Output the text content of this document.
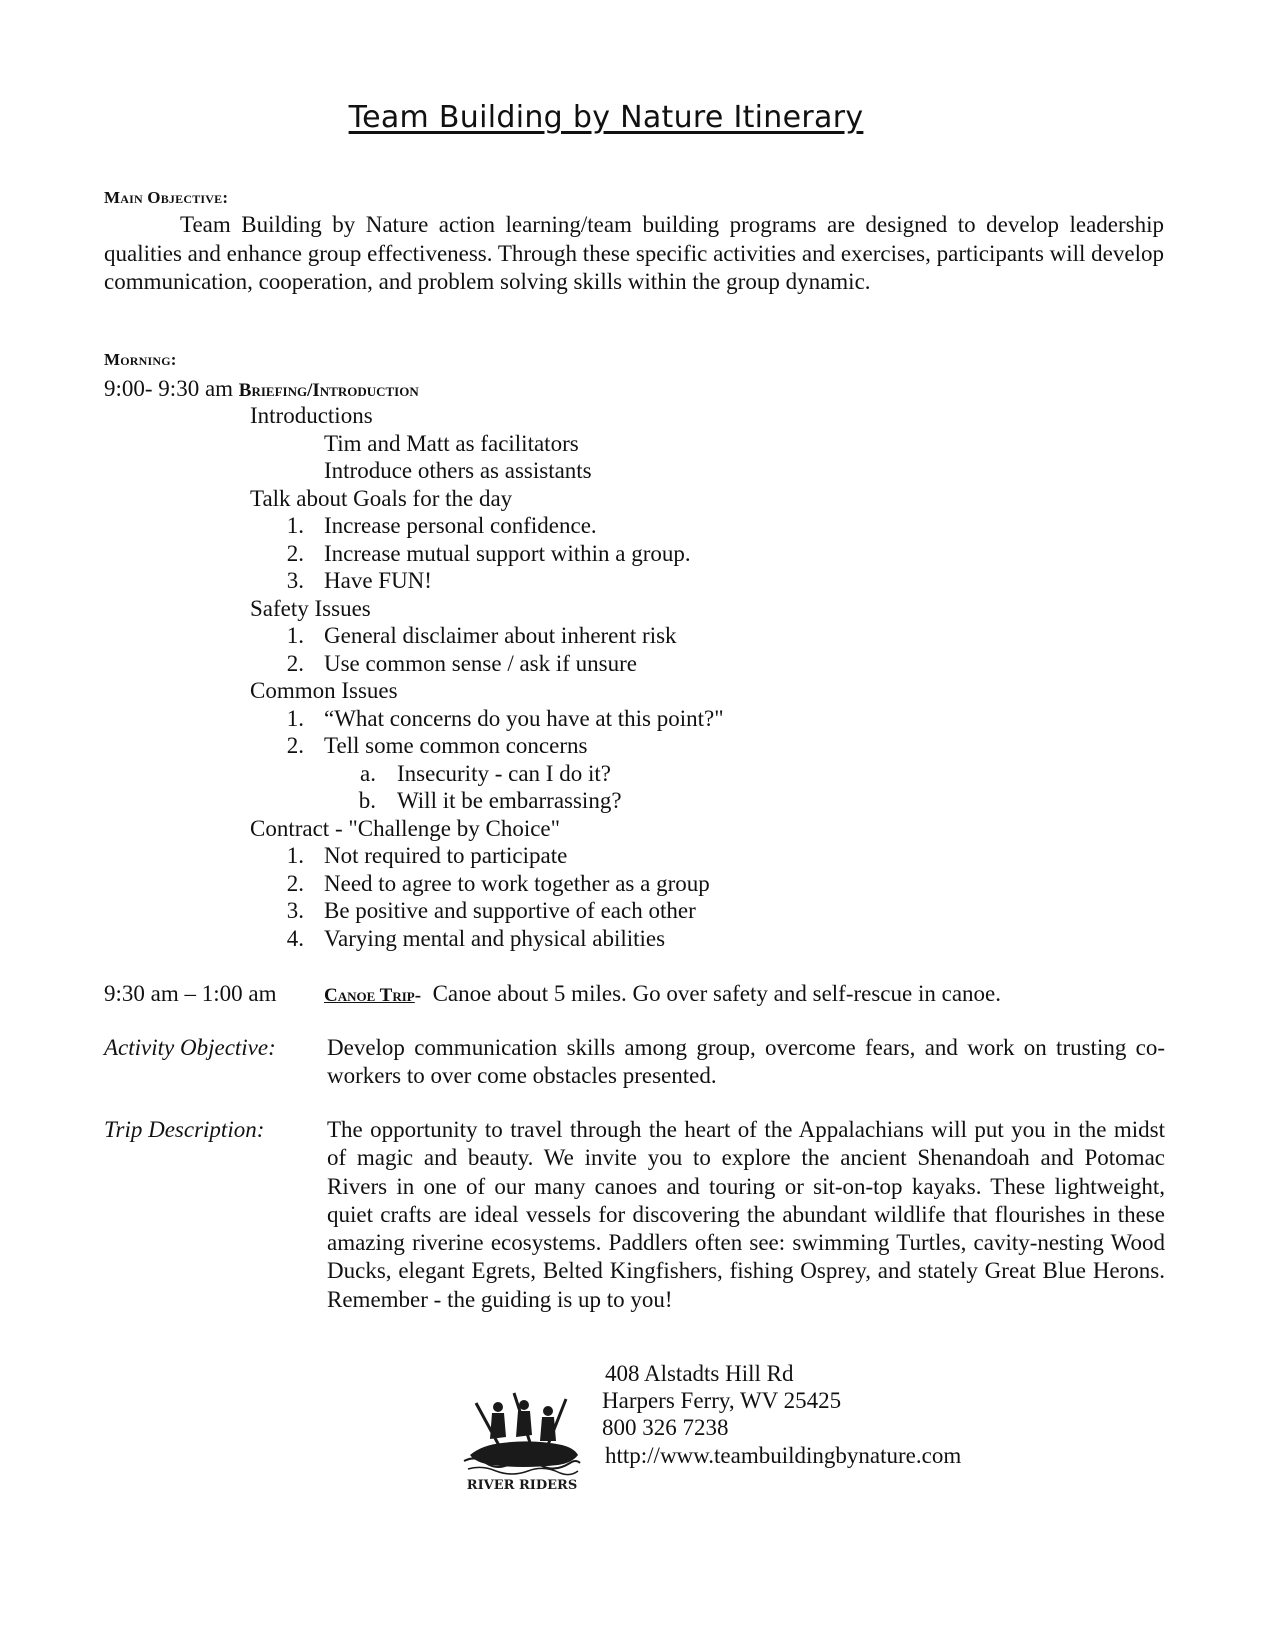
Team Building by Nature Itinerary
Main Objective:
Team Building by Nature action learning/team building programs are designed to develop leadership qualities and enhance group effectiveness. Through these specific activities and exercises, participants will develop communication, cooperation, and problem solving skills within the group dynamic.
Morning:
9:00- 9:30 am Briefing/Introduction
Introductions
Tim and Matt as facilitators
Introduce others as assistants
Talk about Goals for the day
1. Increase personal confidence.
2. Increase mutual support within a group.
3. Have FUN!
Safety Issues
1. General disclaimer about inherent risk
2. Use common sense / ask if unsure
Common Issues
1. “What concerns do you have at this point?"
2. Tell some common concerns
a. Insecurity - can I do it?
b. Will it be embarrassing?
Contract - "Challenge by Choice"
1. Not required to participate
2. Need to agree to work together as a group
3. Be positive and supportive of each other
4. Varying mental and physical abilities
9:30 am – 1:00 am	Canoe Trip- Canoe about 5 miles. Go over safety and self-rescue in canoe.
Activity Objective: Develop communication skills among group, overcome fears, and work on trusting co-workers to over come obstacles presented.
Trip Description:	The opportunity to travel through the heart of the Appalachians will put you in the midst of magic and beauty. We invite you to explore the ancient Shenandoah and Potomac Rivers in one of our many canoes and touring or sit-on-top kayaks. These lightweight, quiet crafts are ideal vessels for discovering the abundant wildlife that flourishes in these amazing riverine ecosystems. Paddlers often see: swimming Turtles, cavity-nesting Wood Ducks, elegant Egrets, Belted Kingfishers, fishing Osprey, and stately Great Blue Herons. Remember - the guiding is up to you!
RIVER RIDERS
408 Alstadts Hill Rd
Harpers Ferry, WV 25425
800 326 7238
http://www.teambuildingbynature.com
